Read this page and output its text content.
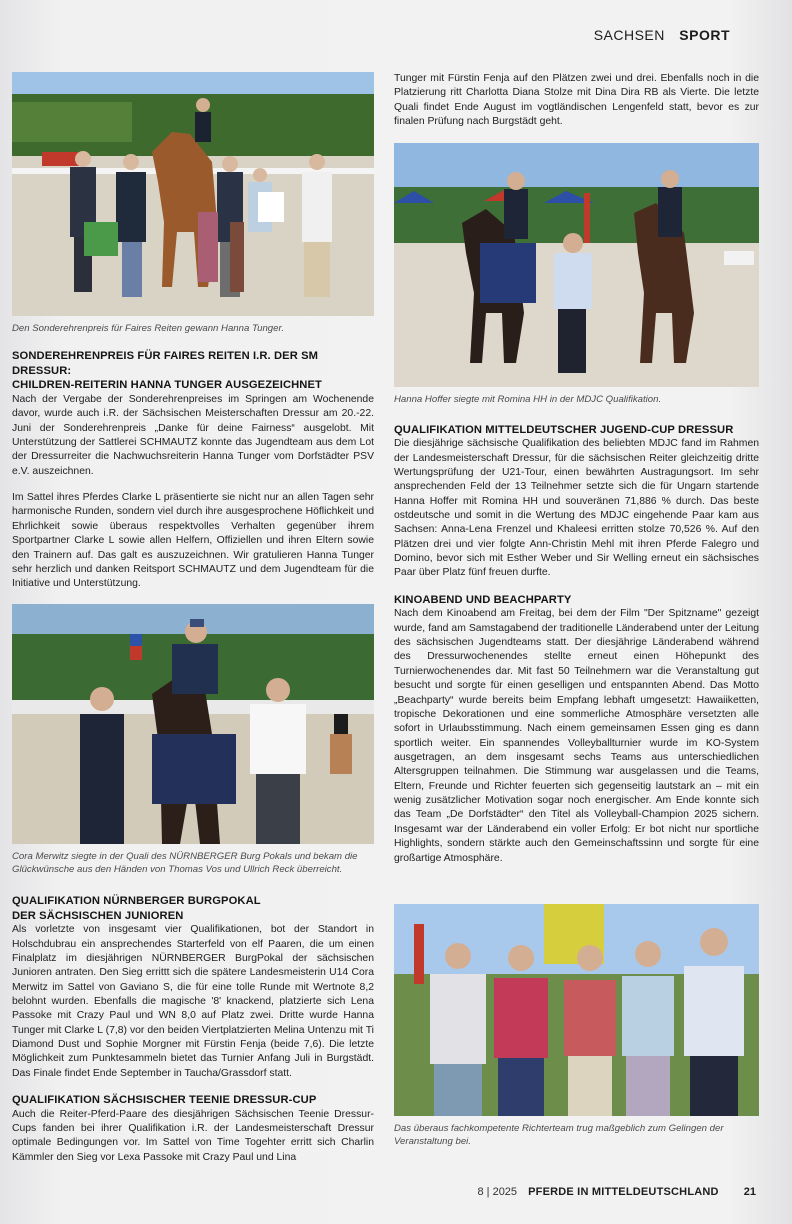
SACHSEN SPORT
Den Sonderehrenpreis für Faires Reiten gewann Hanna Tunger.
SONDEREHRENPREIS FÜR FAIRES REITEN I.R. DER SM DRESSUR:
CHILDREN-REITERIN HANNA TUNGER AUSGEZEICHNET

Nach der Vergabe der Sonderehrenpreises im Springen am Wochenende davor, wurde auch i.R. der Sächsischen Meisterschaften Dressur am 20.-22. Juni der Sonderehrenpreis „Danke für deine Fairness“ ausgelobt. Mit Unterstützung der Sattlerei SCHMAUTZ konnte das Jugendteam aus dem Lot der Dressurreiter die Nachwuchsreiterin Hanna Tunger vom Dorfstädter PSV e.V. auszeichnen.

Im Sattel ihres Pferdes Clarke L präsentierte sie nicht nur an allen Tagen sehr harmonische Runden, sondern viel durch ihre ausgesprochene Höflichkeit und Ehrlichkeit sowie überaus respektvolles Verhalten gegenüber ihrem Sportpartner Clarke L sowie allen Helfern, Offiziellen und ihren Eltern sowie den Trainern auf. Das galt es auszuzeichnen. Wir gratulieren Hanna Tunger sehr herzlich und danken Reitsport SCHMAUTZ und dem Jugendteam für die Initiative und Unterstützung.

Cora Merwitz siegte in der Quali des NÜRNBERGER Burg Pokals und bekam die Glückwünsche aus den Händen von Thomas Vos und Ullrich Reck überreicht.
QUALIFIKATION NÜRNBERGER BURGPOKAL
DER SÄCHSISCHEN JUNIOREN

Als vorletzte von insgesamt vier Qualifikationen, bot der Standort in Holschdubrau ein ansprechendes Starterfeld von elf Paaren, die um einen Finalplatz im diesjährigen NÜRNBERGER BurgPokal der sächsischen Junioren antraten. Den Sieg errittt sich die spätere Landesmeisterin U14 Cora Merwitz im Sattel von Gaviano S, die für eine tolle Runde mit Wertnote 8,2 belohnt wurden. Ebenfalls die magische '8' knackend, platzierte sich Lena Passoke mit Crazy Paul und WN 8,0 auf Platz zwei. Dritte wurde Hanna Tunger mit Clarke L (7,8) vor den beiden Viertplatzierten Melina Untenzu mit Ti Diamond Dust und Sophie Morgner mit Fürstin Fenja (beide 7,6). Die letzte Möglichkeit zum Punktesammeln bietet das Turnier Anfang Juli in Burgstädt. Das Finale findet Ende September in Taucha/Grassdorf statt.

QUALIFIKATION SÄCHSISCHER TEENIE DRESSUR-CUP

Auch die Reiter-Pferd-Paare des diesjährigen Sächsischen Teenie Dressur-Cups fanden bei ihrer Qualifikation i.R. der Landesmeisterschaft Dressur optimale Bedingungen vor. Im Sattel von Time Togehter erritt sich Charlin Kämmler den Sieg vor Lexa Passoke mit Crazy Paul und Lina

Tunger mit Fürstin Fenja auf den Plätzen zwei und drei. Ebenfalls noch in die Platzierung ritt Charlotta Diana Stolze mit Dina Dira RB als Vierte. Die letzte Quali findet Ende August im vogtländischen Lengenfeld statt, bevor es zur finalen Prüfung nach Burgstädt geht.

Hanna Hoffer siegte mit Romina HH in der MDJC Qualifikation.
QUALIFIKATION MITTELDEUTSCHER JUGEND-CUP DRESSUR

Die diesjährige sächsische Qualifikation des beliebten MDJC fand im Rahmen der Landesmeisterschaft Dressur, für die sächsischen Reiter gleichzeitig dritte Wertungsprüfung der U21-Tour, einen bewährten Austragungsort. Im sehr ansprechenden Feld der 13 Teilnehmer setzte sich die für Ungarn startende Hanna Hoffer mit Romina HH und souveränen 71,886 % durch. Das beste ostdeutsche und somit in die Wertung des MDJC eingehende Paar kam aus Sachsen: Anna-Lena Frenzel und Khaleesi erritten stolze 70,526 %. Auf den Plätzen drei und vier folgte Ann-Christin Mehl mit ihren Pferde Falegro und Domino, bevor sich mit Esther Weber und Sir Welling erneut ein sächsisches Paar über Platz fünf freuen durfte.

KINOABEND UND BEACHPARTY

Nach dem Kinoabend am Freitag, bei dem der Film "Der Spitzname" gezeigt wurde, fand am Samstagabend der traditionelle Länderabend unter der Leitung des sächsischen Jugendteams statt. Der diesjährige Länderabend während des Dressurwochenendes stellte erneut einen Höhepunkt des Turnierwochenendes dar. Mit fast 50 Teilnehmern war die Veranstaltung gut besucht und sorgte für einen geselligen und entspannten Abend. Das Motto „Beachparty“ wurde bereits beim Empfang lebhaft umgesetzt: Hawaiiketten, tropische Dekorationen und eine sommerliche Atmosphäre versetzten alle sofort in Urlaubsstimmung. Nach einem gemeinsamen Essen ging es dann sportlich weiter. Ein spannendes Volleyballturnier wurde im KO-System ausgetragen, an dem insgesamt sechs Teams aus unterschiedlichen Altersgruppen teilnahmen. Die Stimmung war ausgelassen und die Teams, Eltern, Freunde und Richter feuerten sich gegenseitig lautstark an – mit ein wenig zusätzlicher Motivation sogar noch energischer. Am Ende konnte sich das Team „De Dorfstädter“ den Titel als Volleyball-Champion 2025 sichern. Insgesamt war der Länderabend ein voller Erfolg: Er bot nicht nur sportliche Highlights, sondern stärkte auch den Gemeinschaftssinn und sorgte für eine großartige Atmosphäre.

Das überaus fachkompetente Richterteam trug maßgeblich zum Gelingen der Veranstaltung bei.
8 | 2025 PFERDE IN MITTELDEUTSCHLAND 21
